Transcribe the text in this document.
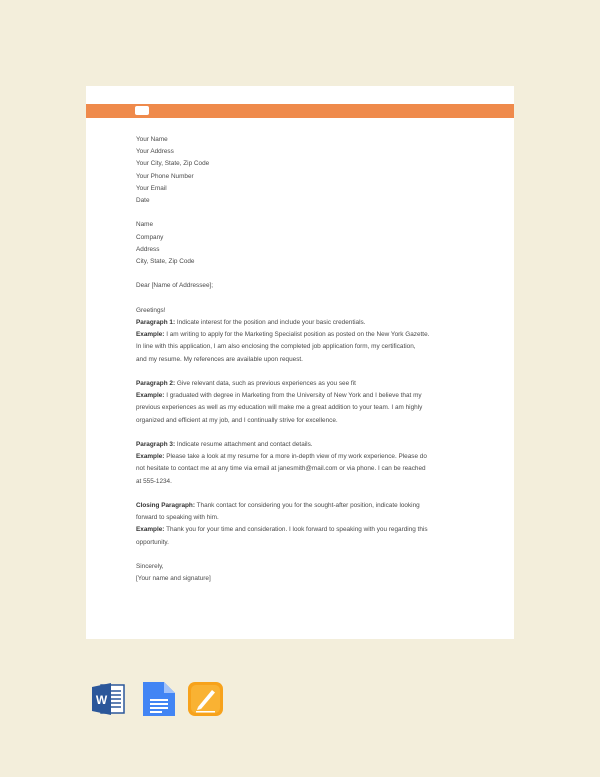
Your Name

Your Address

Your City, State, Zip Code

Your Phone Number

Your Email

Date

Name

Company

Address

City, State, Zip Code

Dear [Name of Addressee];

Greetings!

Paragraph 1: Indicate interest for the position and include your basic credentials.

Example: I am writing to apply for the Marketing Specialist position as posted on the New York Gazette.

In line with this application, I am also enclosing the completed job application form, my certification,

and my resume. My references are available upon request.

Paragraph 2: Give relevant data, such as previous experiences as you see fit

Example: I graduated with degree in Marketing from the University of New York and I believe that my

previous experiences as well as my education will make me a great addition to your team. I am highly

organized and efficient at my job, and I continually strive for excellence.

Paragraph 3: Indicate resume attachment and contact details.

Example: Please take a look at my resume for a more in-depth view of my work experience. Please do

not hesitate to contact me at any time via email at janesmith@mail.com or via phone. I can be reached

at 555-1234.

Closing Paragraph: Thank contact for considering you for the sought-after position, indicate looking

forward to speaking with him.

Example: Thank you for your time and consideration. I look forward to speaking with you regarding this

opportunity.

Sincerely,

[Your name and signature]

W
